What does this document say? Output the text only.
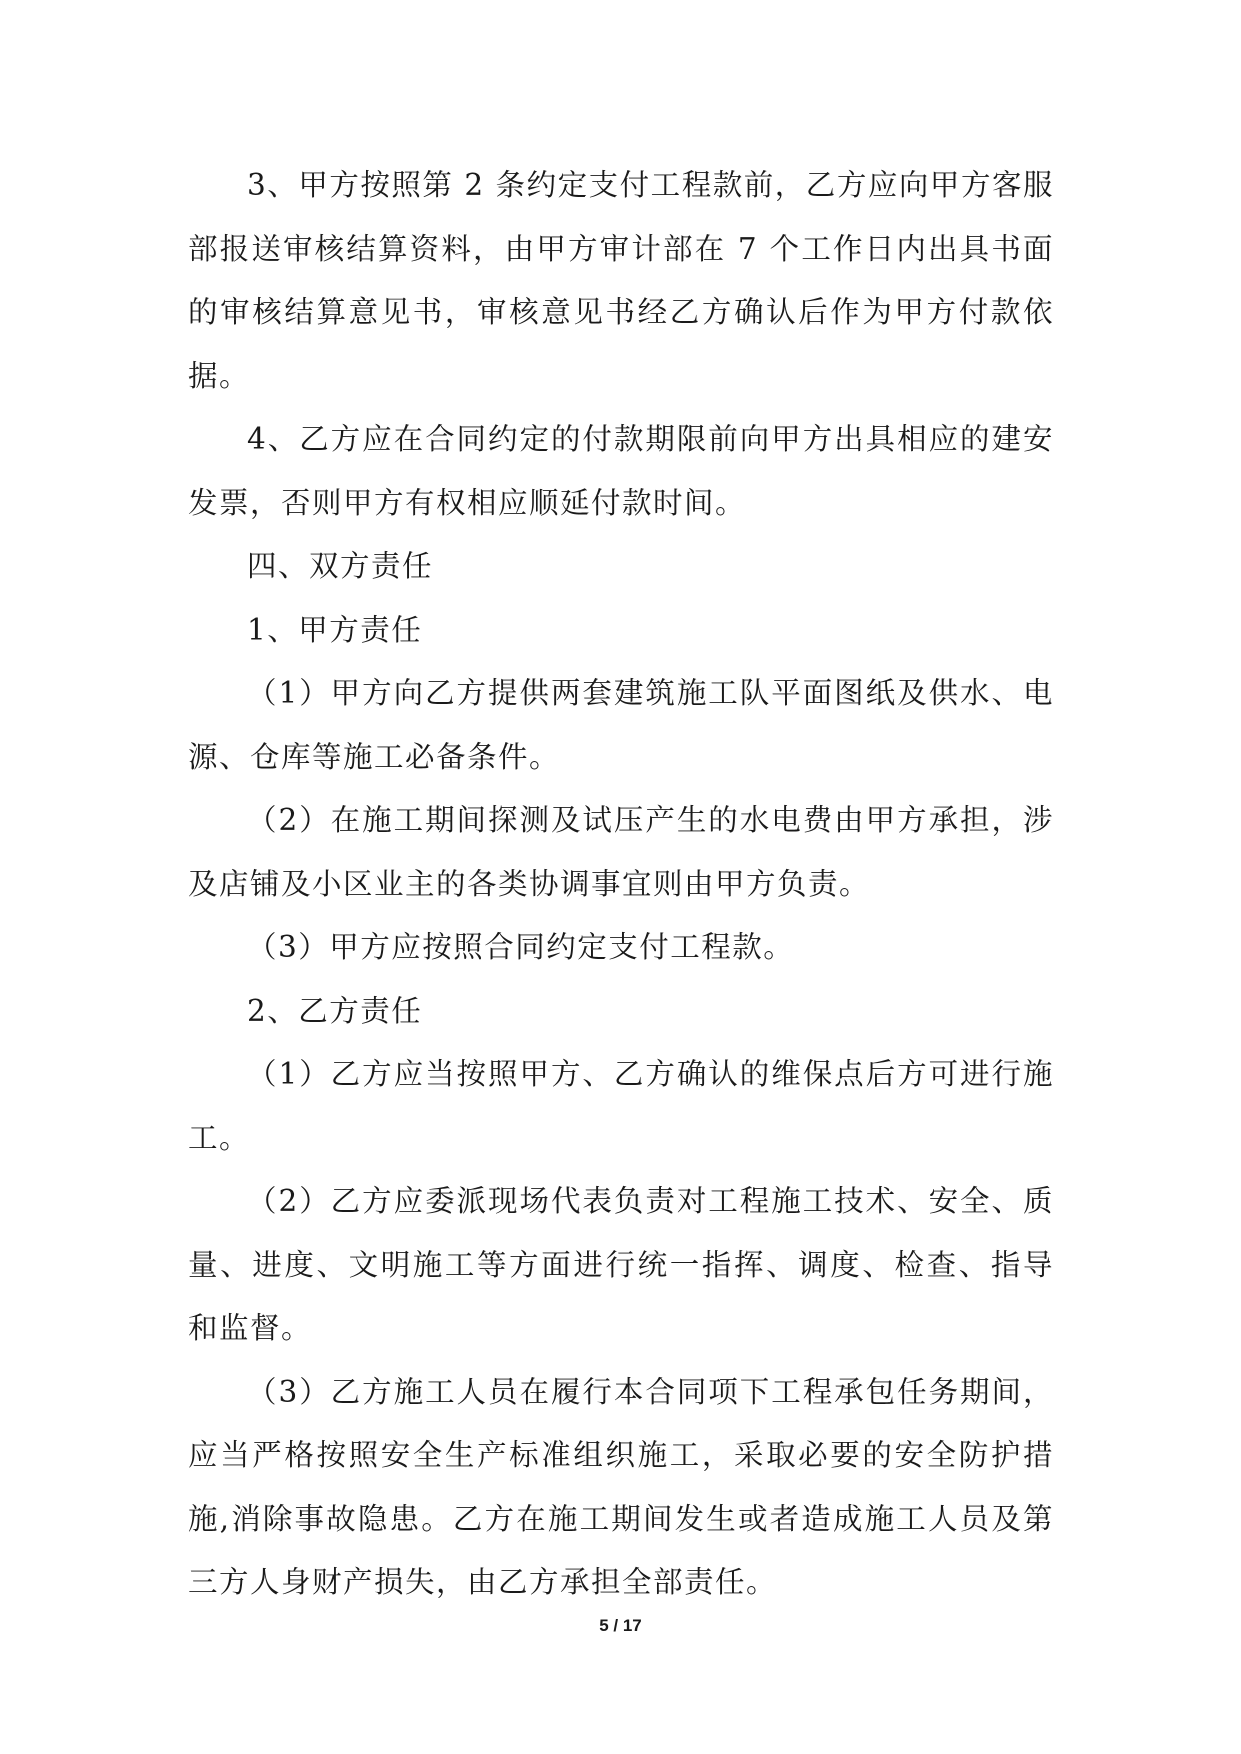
3、甲方按照第 2 条约定支付工程款前，乙方应向甲方客服部报送审核结算资料，由甲方审计部在 7 个工作日内出具书面的审核结算意见书，审核意见书经乙方确认后作为甲方付款依据。

4、乙方应在合同约定的付款期限前向甲方出具相应的建安发票，否则甲方有权相应顺延付款时间。

四、双方责任

1、甲方责任

（1）甲方向乙方提供两套建筑施工队平面图纸及供水、电源、仓库等施工必备条件。

（2）在施工期间探测及试压产生的水电费由甲方承担，涉及店铺及小区业主的各类协调事宜则由甲方负责。

（3）甲方应按照合同约定支付工程款。

2、乙方责任

（1）乙方应当按照甲方、乙方确认的维保点后方可进行施工。

（2）乙方应委派现场代表负责对工程施工技术、安全、质量、进度、文明施工等方面进行统一指挥、调度、检查、指导和监督。

（3）乙方施工人员在履行本合同项下工程承包任务期间，应当严格按照安全生产标准组织施工，采取必要的安全防护措施,消除事故隐患。乙方在施工期间发生或者造成施工人员及第三方人身财产损失，由乙方承担全部责任。

5 / 17
